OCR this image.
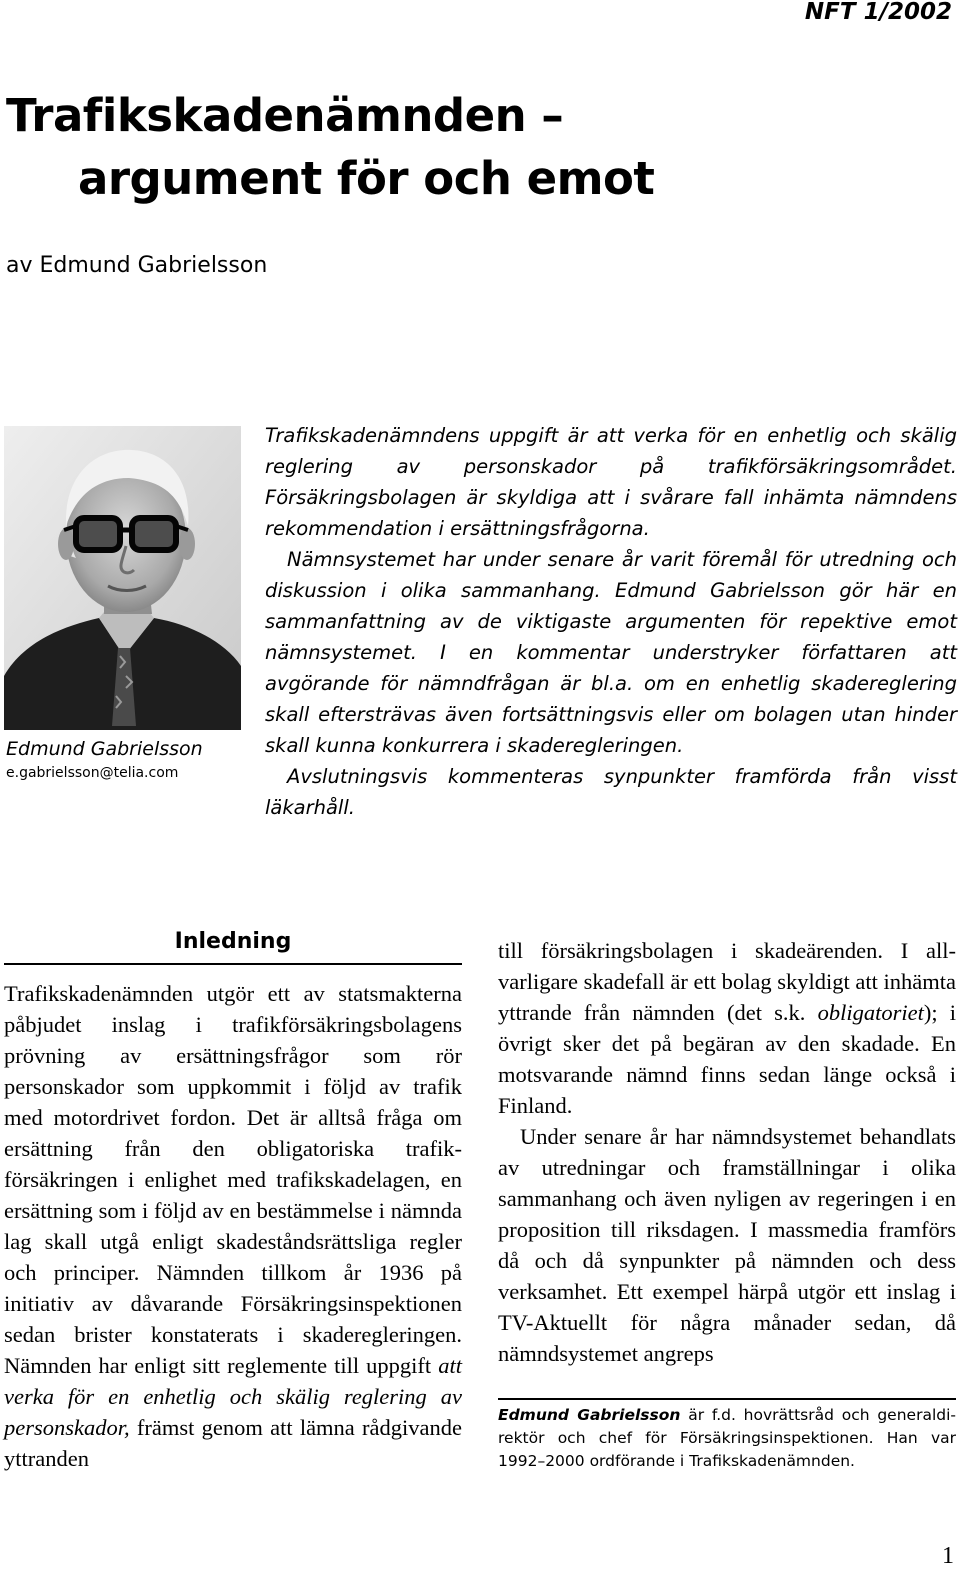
NFT 1/2002
Trafikskadenämnden –
argument för och emot
av Edmund Gabrielsson
Edmund Gabrielsson
e.gabrielsson@telia.com

Trafikskadenämndens uppgift är att verka för en enhetlig och skälig reglering av personskador på trafikförsäkringsområdet. Försäkringsbolagen är skyldiga att i svårare fall inhämta nämndens rekommendation i ersättningsfrågorna.

Nämnsystemet har under senare år varit föremål för utredning och diskussion i olika sammanhang. Edmund Gabrielsson gör här en sammanfattning av de viktigaste argumenten för repektive emot nämnsystemet. I en kommentar understryker författaren att avgörande för nämndfrågan är bl.a. om en enhetlig skadereglering skall eftersträvas även fortsättningsvis eller om bolagen utan hinder skall kunna konkurrera i skaderegleringen.

Avslutningsvis kommenteras synpunkter framförda från visst läkarhåll.

Inledning

Trafikskadenämnden utgör ett av statsmakterna påbjudet inslag i trafikförsäkringsbolagens prövning av ersättningsfrågor som rör personskador som uppkommit i följd av trafik med motordrivet fordon. Det är alltså fråga om ersättning från den obligatoriska trafikförsäkringen i enlighet med trafikskadelagen, en ersättning som i följd av en bestämmelse i nämnda lag skall utgå enligt skadeståndsrättsliga regler och principer. Nämnden tillkom år 1936 på initiativ av dåvarande Försäkringsinspektionen sedan brister konstaterats i skaderegleringen. Nämnden har enligt sitt reglemente till uppgift att verka för en enhetlig och skälig reglering av personskador, främst genom att lämna rådgivande yttranden

till försäkringsbolagen i skadeärenden. I allvarligare skadefall är ett bolag skyldigt att inhämta yttrande från nämnden (det s.k. obligatoriet); i övrigt sker det på begäran av den skadade. En motsvarande nämnd finns sedan länge också i Finland.

Under senare år har nämndsystemet behandlats av utredningar och framställningar i olika sammanhang och även nyligen av regeringen i en proposition till riksdagen. I massmedia framförs då och då synpunkter på nämnden och dess verksamhet. Ett exempel härpå utgör ett inslag i TV-Aktuellt för några månader sedan, då nämndsystemet angreps

Edmund Gabrielsson är f.d. hovrättsråd och generaldirektör och chef för Försäkringsinspektionen. Han var 1992–2000 ordförande i Trafikskadenämnden.
1
